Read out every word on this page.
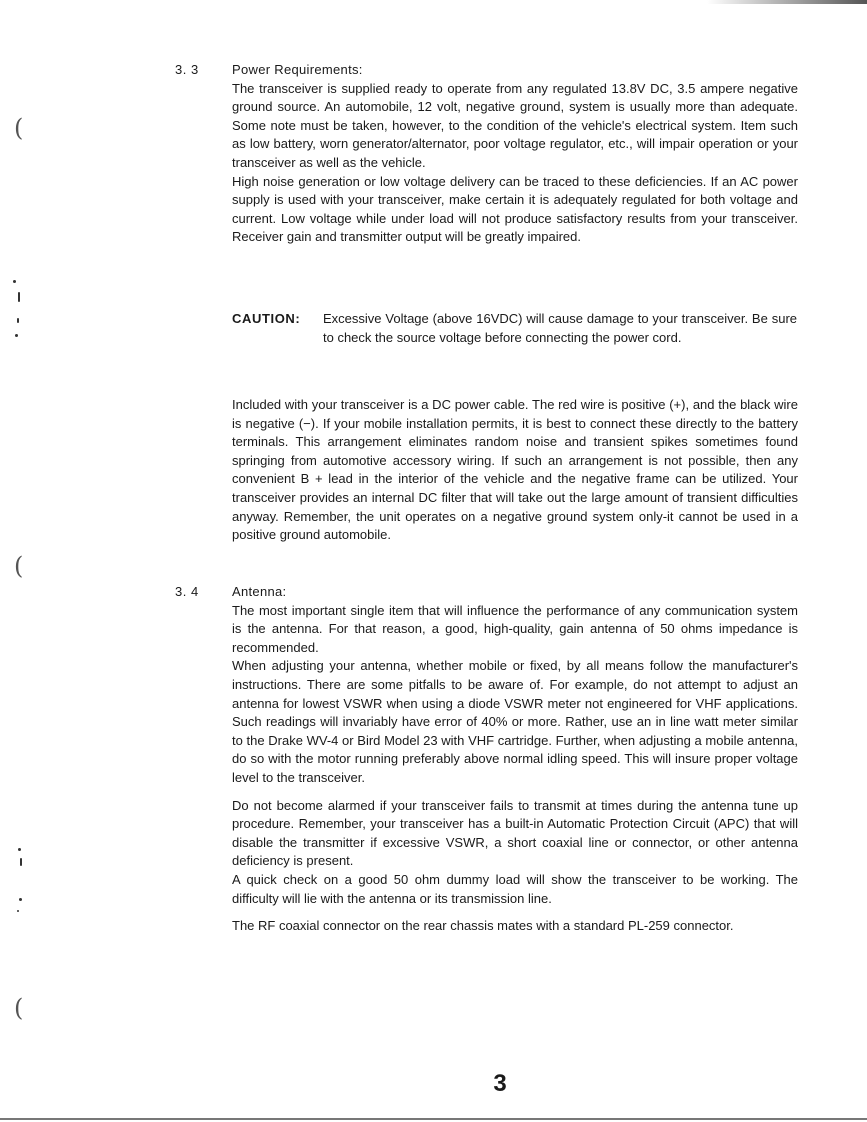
(
(
(
3. 3	Power Requirements:

The transceiver is supplied ready to operate from any regulated 13.8V DC, 3.5 ampere negative ground source. An automobile, 12 volt, negative ground, system is usually more than adequate. Some note must be taken, however, to the condition of the vehicle's electrical system. Item such as low battery, worn generator/alternator, poor voltage regulator, etc., will impair operation or your transceiver as well as the vehicle.

High noise generation or low voltage delivery can be traced to these deficiencies. If an AC power supply is used with your transceiver, make certain it is adequately regulated for both voltage and current. Low voltage while under load will not produce satisfactory results from your transceiver. Receiver gain and transmitter output will be greatly impaired.

CAUTION: Excessive Voltage (above 16VDC) will cause damage to your transceiver. Be sure to check the source voltage before connecting the power cord.

Included with your transceiver is a DC power cable. The red wire is positive (+), and the black wire is negative (−). If your mobile installation permits, it is best to connect these directly to the battery terminals. This arrangement eliminates random noise and transient spikes sometimes found springing from automotive accessory wiring. If such an arrangement is not possible, then any convenient B + lead in the interior of the vehicle and the negative frame can be utilized. Your transceiver provides an internal DC filter that will take out the large amount of transient difficulties anyway. Remember, the unit operates on a negative ground system only-it cannot be used in a positive ground automobile.

3. 4	Antenna:

The most important single item that will influence the performance of any communication system is the antenna. For that reason, a good, high-quality, gain antenna of 50 ohms impedance is recommended.

When adjusting your antenna, whether mobile or fixed, by all means follow the manufacturer's instructions. There are some pitfalls to be aware of. For example, do not attempt to adjust an antenna for lowest VSWR when using a diode VSWR meter not engineered for VHF applications. Such readings will invariably have error of 40% or more. Rather, use an in line watt meter similar to the Drake WV-4 or Bird Model 23 with VHF cartridge. Further, when adjusting a mobile antenna, do so with the motor running preferably above normal idling speed. This will insure proper voltage level to the transceiver.

Do not become alarmed if your transceiver fails to transmit at times during the antenna tune up procedure. Remember, your transceiver has a built-in Automatic Protection Circuit (APC) that will disable the transmitter if excessive VSWR, a short coaxial line or connector, or other antenna deficiency is present.

A quick check on a good 50 ohm dummy load will show the transceiver to be working. The difficulty will lie with the antenna or its transmission line.

The RF coaxial connector on the rear chassis mates with a standard PL-259 connector.

3
